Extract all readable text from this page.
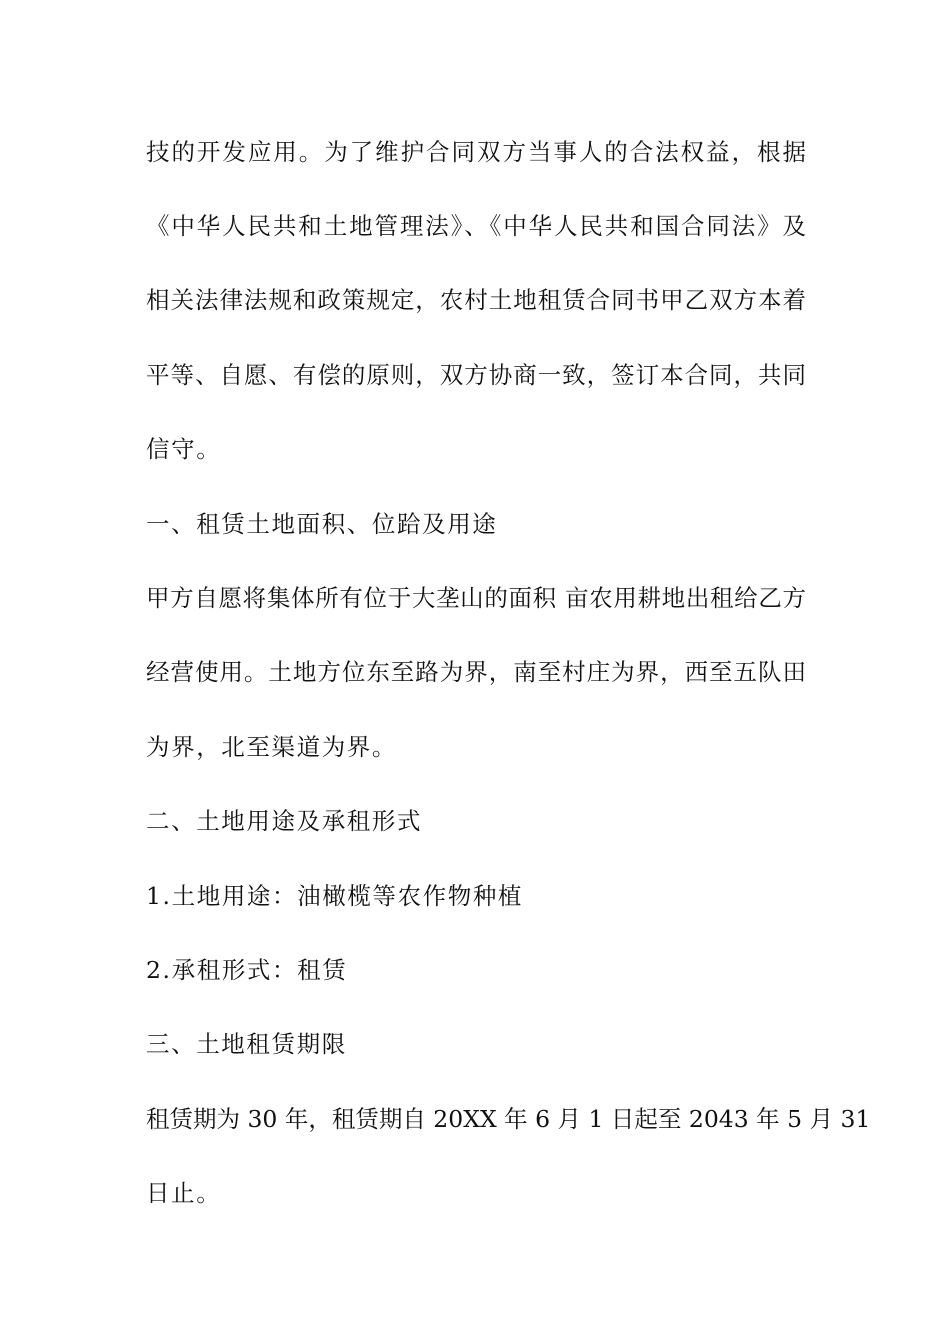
技的开发应用。为了维护合同双方当事人的合法权益，根据
《中华人民共和土地管理法》、《中华人民共和国合同法》及
相关法律法规和政策规定，农村土地租赁合同书甲乙双方本着
平等、自愿、有偿的原则，双方协商一致，签订本合同，共同
信守。
一、租赁土地面积、位跲及用途
甲方自愿将集体所有位于大垄山的面积 亩农用耕地出租给乙方
经营使用。土地方位东至路为界，南至村庄为界，西至五队田
为界，北至渠道为界。
二、土地用途及承租形式
1.土地用途：油橄榄等农作物种植
2.承租形式：租赁
三、土地租赁期限
租赁期为 30 年，租赁期自 20XX 年 6 月 1 日起至 2043 年 5 月 31
日止。
